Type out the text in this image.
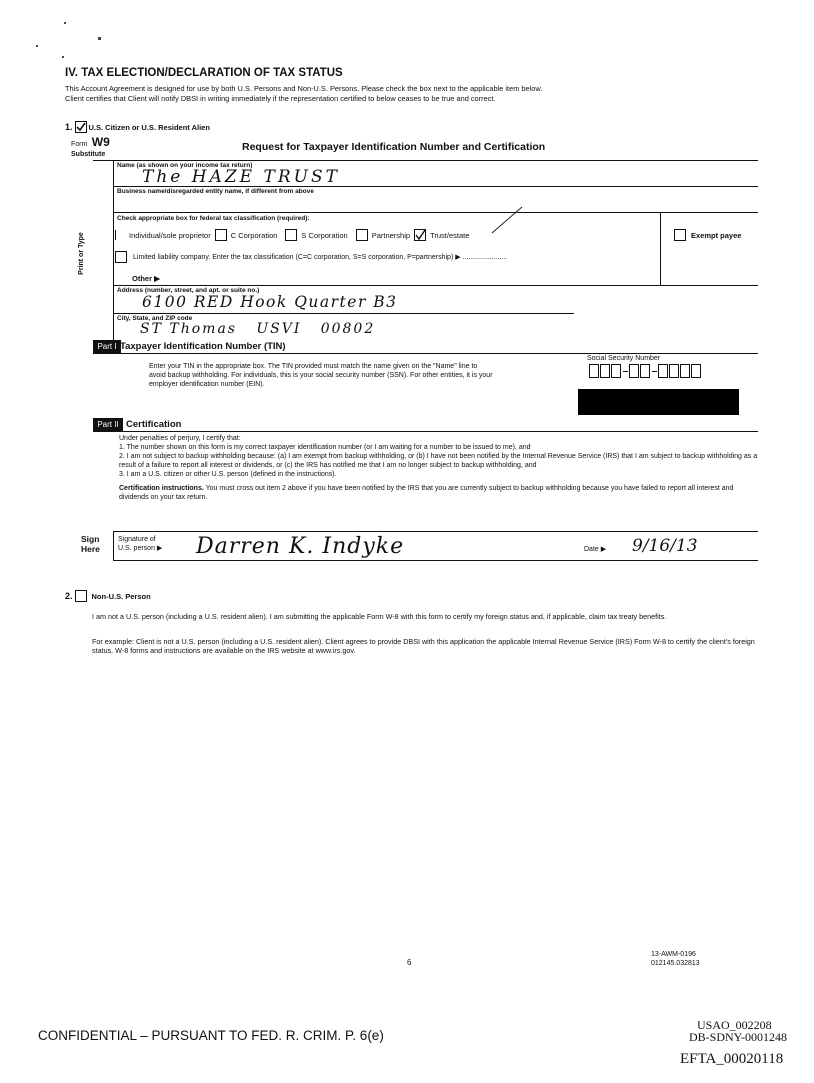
IV. TAX ELECTION/DECLARATION OF TAX STATUS
This Account Agreement is designed for use by both U.S. Persons and Non-U.S. Persons. Please check the box next to the applicable item below.
Client certifies that Client will notify DBSI in writing immediately if the representation certified to below ceases to be true and correct.
1. U.S. Citizen or U.S. Resident Alien
Form W9
Substitute
Request for Taxpayer Identification Number and Certification
Print or Type
Name (as shown on your income tax return)
The HAZE TRUST
Business name/disregarded entity name, if different from above
Check appropriate box for federal tax classification (required):
Individual/sole proprietor	C Corporation	S Corporation	Partnership	Trust/estate	Exempt payee
Limited liability company. Enter the tax classification (C=C corporation, S=S corporation, P=partnership) ▶ .......................
Other ▶
Address (number, street, and apt. or suite no.)
6100 RED Hook Quarter B3
City, State, and ZIP code
ST Thomas   USVI   00802
Part I Taxpayer Identification Number (TIN)
Enter your TIN in the appropriate box. The TIN provided must match the name given on the "Name" line to avoid backup withholding. For individuals, this is your social security number (SSN). For other entities, it is your employer identification number (EIN).
Social Security Number
Part II Certification
Under penalties of perjury, I certify that:
1. The number shown on this form is my correct taxpayer identification number (or I am waiting for a number to be issued to me), and
2. I am not subject to backup withholding because: (a) I am exempt from backup withholding, or (b) I have not been notified by the Internal Revenue Service (IRS) that I am subject to backup withholding as a result of a failure to report all interest or dividends, or (c) the IRS has notified me that I am no longer subject to backup withholding, and
3. I am a U.S. citizen or other U.S. person (defined in the instructions).
Certification instructions. You must cross out item 2 above if you have been notified by the IRS that you are currently subject to backup withholding because you have failed to report all interest and dividends on your tax return.
Sign
Here
Signature of
U.S. person ▶ Darren K. Indyke	Date ▶ 9/16/13
2.	Non-U.S. Person
I am not a U.S. person (including a U.S. resident alien). I am submitting the applicable Form W-8 with this form to certify my foreign status and, if applicable, claim tax treaty benefits.
For example: Client is not a U.S. person (including a U.S. resident alien). Client agrees to provide DBSI with this application the applicable Internal Revenue Service (IRS) Form W-8 to certify the client's foreign status. W-8 forms and instructions are available on the IRS website at www.irs.gov.
6
13-AWM-0196
012145.032813
CONFIDENTIAL – PURSUANT TO FED. R. CRIM. P. 6(e)
USAO_002208
DB-SDNY-0001248
EFTA_00020118
